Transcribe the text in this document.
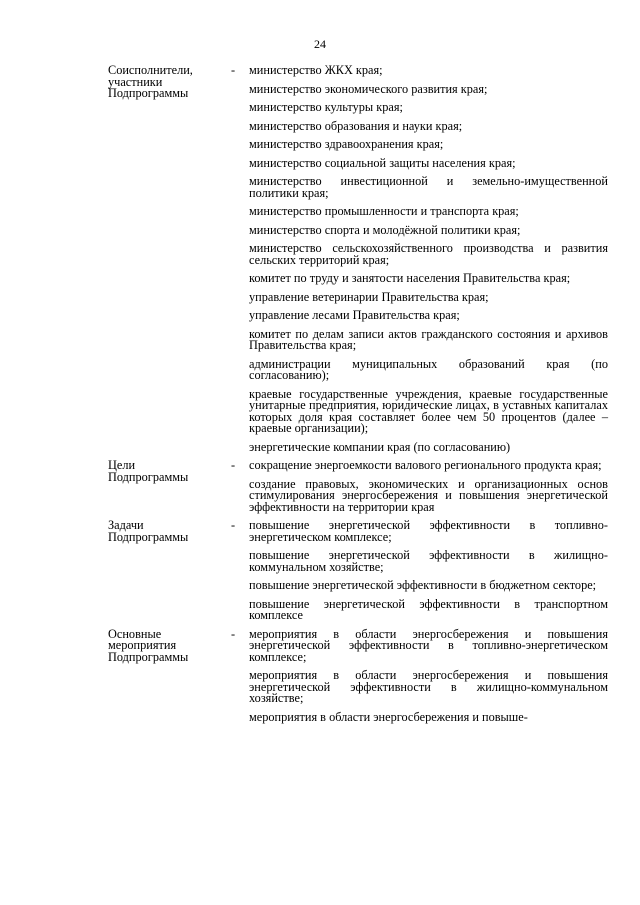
24
Соисполнители,
участники
Подпрограммы
-	министерство ЖКХ края;
министерство экономического развития края;
министерство культуры края;
министерство образования и науки края;
министерство здравоохранения края;
министерство социальной защиты населения края;
министерство инвестиционной и земельно-имущественной политики края;
министерство промышленности и транспорта края;
министерство спорта и молодёжной политики края;
министерство сельскохозяйственного производства и развития сельских территорий края;
комитет по труду и занятости населения Правительства края;
управление ветеринарии Правительства края;
управление лесами Правительства края;
комитет по делам записи актов гражданского состояния и архивов Правительства края;
администрации муниципальных образований края (по согласованию);
краевые государственные учреждения, краевые государственные унитарные предприятия, юридические лицах, в уставных капиталах которых доля края составляет более чем 50 процентов (далее – краевые организации);
энергетические компании края (по согласованию)
Цели
Подпрограммы
-	сокращение энергоемкости валового регионального продукта края;
создание правовых, экономических и организационных основ стимулирования энергосбережения и повышения энергетической эффективности на территории края
Задачи
Подпрограммы
-	повышение энергетической эффективности в топливно-энергетическом комплексе;
повышение энергетической эффективности в жилищно-коммунальном хозяйстве;
повышение энергетической эффективности в бюджетном секторе;
повышение энергетической эффективности в транспортном комплексе
Основные
мероприятия
Подпрограммы
-	мероприятия в области энергосбережения и повышения энергетической эффективности в топливно-энергетическом комплексе;
мероприятия в области энергосбережения и повышения энергетической эффективности в жилищно-коммунальном хозяйстве;
мероприятия в области энергосбережения и повыше-
